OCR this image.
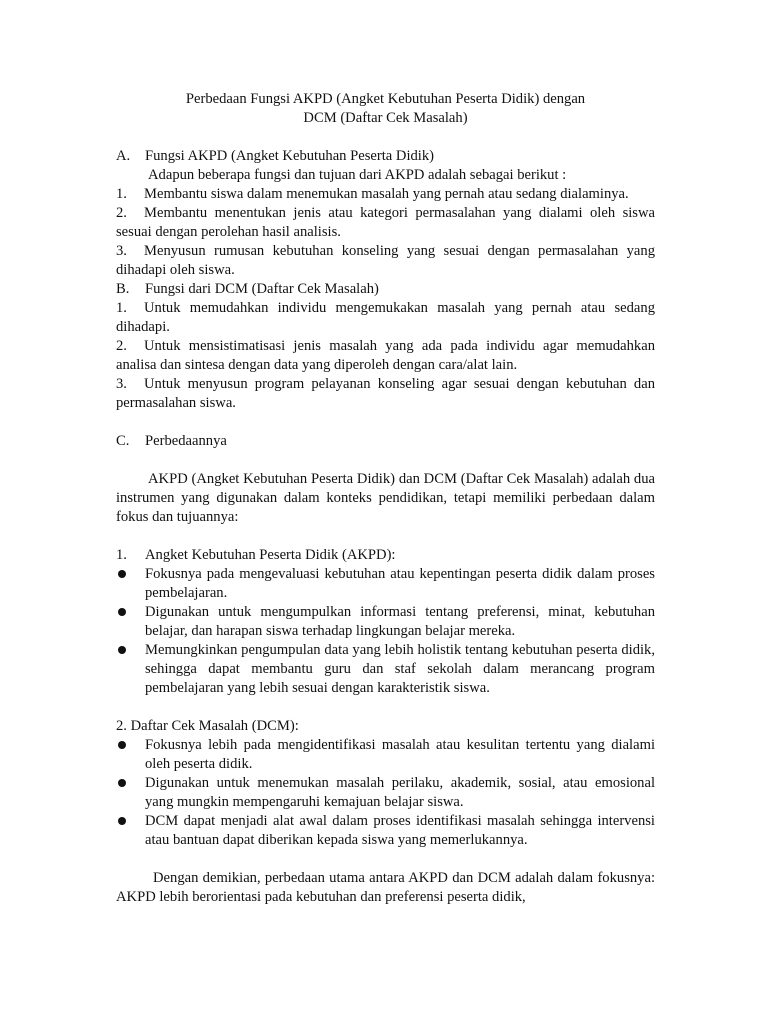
Perbedaan Fungsi AKPD (Angket Kebutuhan Peserta Didik) dengan

DCM (Daftar Cek Masalah)

A.	Fungsi AKPD (Angket Kebutuhan Peserta Didik)

Adapun beberapa fungsi dan tujuan dari AKPD adalah sebagai berikut :

1. Membantu siswa dalam menemukan masalah yang pernah atau sedang dialaminya.

2. Membantu menentukan jenis atau kategori permasalahan yang dialami oleh siswa sesuai dengan perolehan hasil analisis.

3. Menyusun rumusan kebutuhan konseling yang sesuai dengan permasalahan yang dihadapi oleh siswa.

B.	Fungsi dari DCM (Daftar Cek Masalah)

1. Untuk memudahkan individu mengemukakan masalah yang pernah atau sedang dihadapi.

2. Untuk mensistimatisasi jenis masalah yang ada pada individu agar memudahkan analisa dan sintesa dengan data yang diperoleh dengan cara/alat lain.

3. Untuk menyusun program pelayanan konseling agar sesuai dengan kebutuhan dan permasalahan siswa.

C.	Perbedaannya

AKPD (Angket Kebutuhan Peserta Didik) dan DCM (Daftar Cek Masalah) adalah dua instrumen yang digunakan dalam konteks pendidikan, tetapi memiliki perbedaan dalam fokus dan tujuannya:

1.	Angket Kebutuhan Peserta Didik (AKPD):
Fokusnya pada mengevaluasi kebutuhan atau kepentingan peserta didik dalam proses pembelajaran.
Digunakan untuk mengumpulkan informasi tentang preferensi, minat, kebutuhan belajar, dan harapan siswa terhadap lingkungan belajar mereka.
Memungkinkan pengumpulan data yang lebih holistik tentang kebutuhan peserta didik, sehingga dapat membantu guru dan staf sekolah dalam merancang program pembelajaran yang lebih sesuai dengan karakteristik siswa.

2. Daftar Cek Masalah (DCM):

Fokusnya lebih pada mengidentifikasi masalah atau kesulitan tertentu yang dialami oleh peserta didik.
Digunakan untuk menemukan masalah perilaku, akademik, sosial, atau emosional yang mungkin mempengaruhi kemajuan belajar siswa.
DCM dapat menjadi alat awal dalam proses identifikasi masalah sehingga intervensi atau bantuan dapat diberikan kepada siswa yang memerlukannya.

Dengan demikian, perbedaan utama antara AKPD dan DCM adalah dalam fokusnya: AKPD lebih berorientasi pada kebutuhan dan preferensi peserta didik,
